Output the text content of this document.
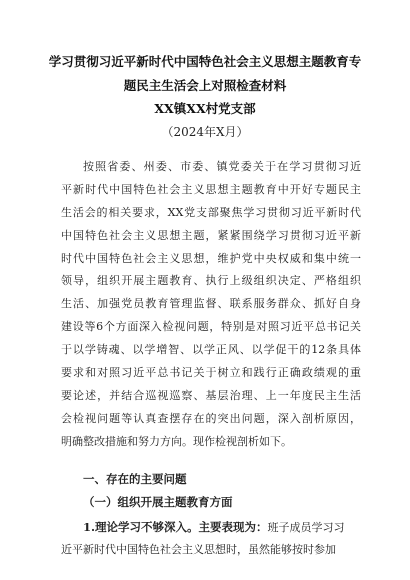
学习贯彻习近平新时代中国特色社会主义思想主题教育专
题民主生活会上对照检查材料
XX镇XX村党支部
（2024年X月）
按照省委、州委、市委、镇党委关于在学习贯彻习近
平新时代中国特色社会主义思想主题教育中开好专题民主
生活会的相关要求，XX党支部聚焦学习贯彻习近平新时代
中国特色社会主义思想主题，紧紧围绕学习贯彻习近平新
时代中国特色社会主义思想，维护党中央权威和集中统一
领导，组织开展主题教育、执行上级组织决定、严格组织
生活、加强党员教育管理监督、联系服务群众、抓好自身
建设等6个方面深入检视问题，特别是对照习近平总书记关
于以学铸魂、以学增智、以学正风、以学促干的12条具体
要求和对照习近平总书记关于树立和践行正确政绩观的重
要论述，并结合巡视巡察、基层治理、上一年度民主生活
会检视问题等认真查摆存在的突出问题，深入剖析原因，
明确整改措施和努力方向。现作检视剖析如下。
一、存在的主要问题
（一）组织开展主题教育方面
1.理论学习不够深入。主要表现为：班子成员学习习
近平新时代中国特色社会主义思想时，虽然能够按时参加
